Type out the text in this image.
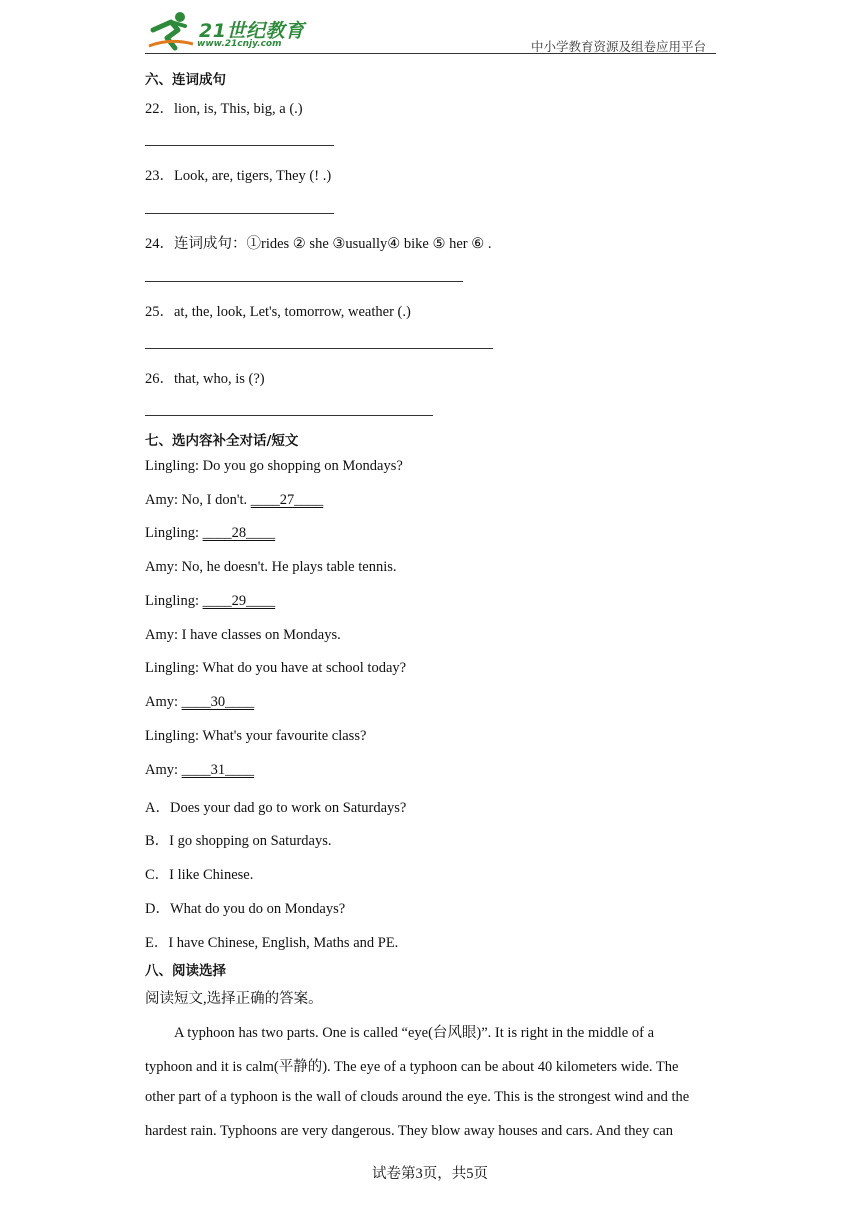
21世纪教育
www.21cnjy.com	中小学教育资源及组卷应用平台
六、连词成句
22．lion, is, This, big, a (.)
23．Look, are, tigers, They (! .)
24．连词成句：①rides ② she ③usually④ bike ⑤ her ⑥ .
25．at, the, look, Let's, tomorrow, weather (.)
26．that, who, is (?)
七、选内容补全对话/短文
Lingling: Do you go shopping on Mondays?
Amy: No, I don't. ____27____
Lingling: ____28____
Amy: No, he doesn't. He plays table tennis.
Lingling: ____29____
Amy: I have classes on Mondays.
Lingling: What do you have at school today?
Amy: ____30____
Lingling: What's your favourite class?
Amy: ____31____
A．Does your dad go to work on Saturdays?
B．I go shopping on Saturdays.
C．I like Chinese.
D．What do you do on Mondays?
E．I have Chinese, English, Maths and PE.
八、阅读选择
阅读短文,选择正确的答案。
A typhoon has two parts. One is called “eye(台风眼)”. It is right in the middle of a
typhoon and it is calm(平静的). The eye of a typhoon can be about 40 kilometers wide. The
other part of a typhoon is the wall of clouds around the eye. This is the strongest wind and the
hardest rain. Typhoons are very dangerous. They blow away houses and cars. And they can
试卷第3页，共5页
